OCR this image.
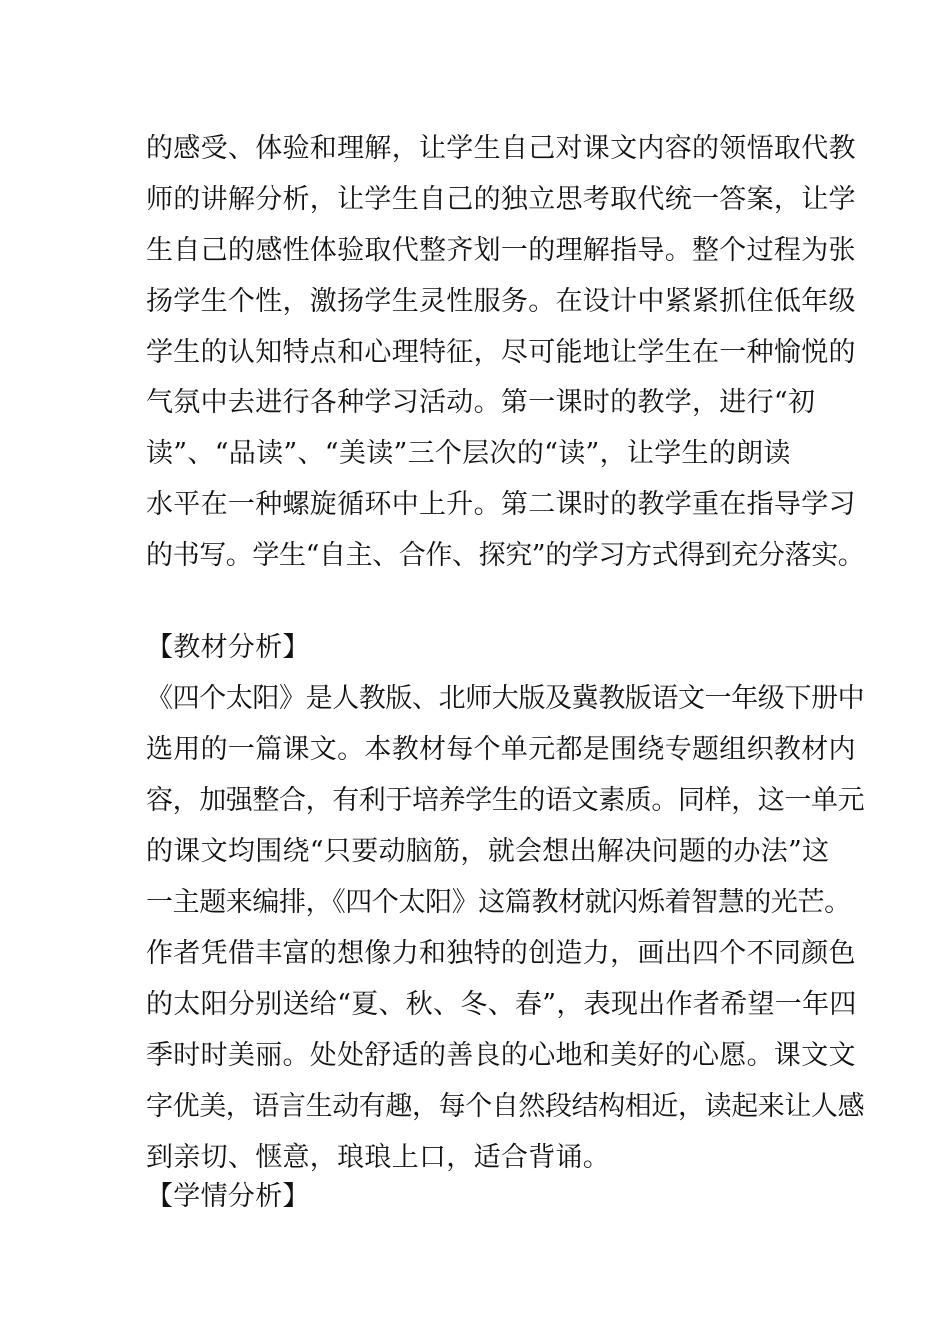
的感受、体验和理解，让学生自己对课文内容的领悟取代教
师的讲解分析，让学生自己的独立思考取代统一答案，让学
生自己的感性体验取代整齐划一的理解指导。整个过程为张
扬学生个性，激扬学生灵性服务。在设计中紧紧抓住低年级
学生的认知特点和心理特征，尽可能地让学生在一种愉悦的
气氛中去进行各种学习活动。第一课时的教学，进行“初
读”、“品读”、“美读”三个层次的“读”，让学生的朗读
水平在一种螺旋循环中上升。第二课时的教学重在指导学习
的书写。学生“自主、合作、探究”的学习方式得到充分落实。
【教材分析】
《四个太阳》是人教版、北师大版及冀教版语文一年级下册中
选用的一篇课文。本教材每个单元都是围绕专题组织教材内
容，加强整合，有利于培养学生的语文素质。同样，这一单元
的课文均围绕“只要动脑筋，就会想出解决问题的办法”这
一主题来编排，《四个太阳》这篇教材就闪烁着智慧的光芒。
作者凭借丰富的想像力和独特的创造力，画出四个不同颜色
的太阳分别送给“夏、秋、冬、春”，表现出作者希望一年四
季时时美丽。处处舒适的善良的心地和美好的心愿。课文文
字优美，语言生动有趣，每个自然段结构相近，读起来让人感
到亲切、惬意，琅琅上口，适合背诵。
【学情分析】
